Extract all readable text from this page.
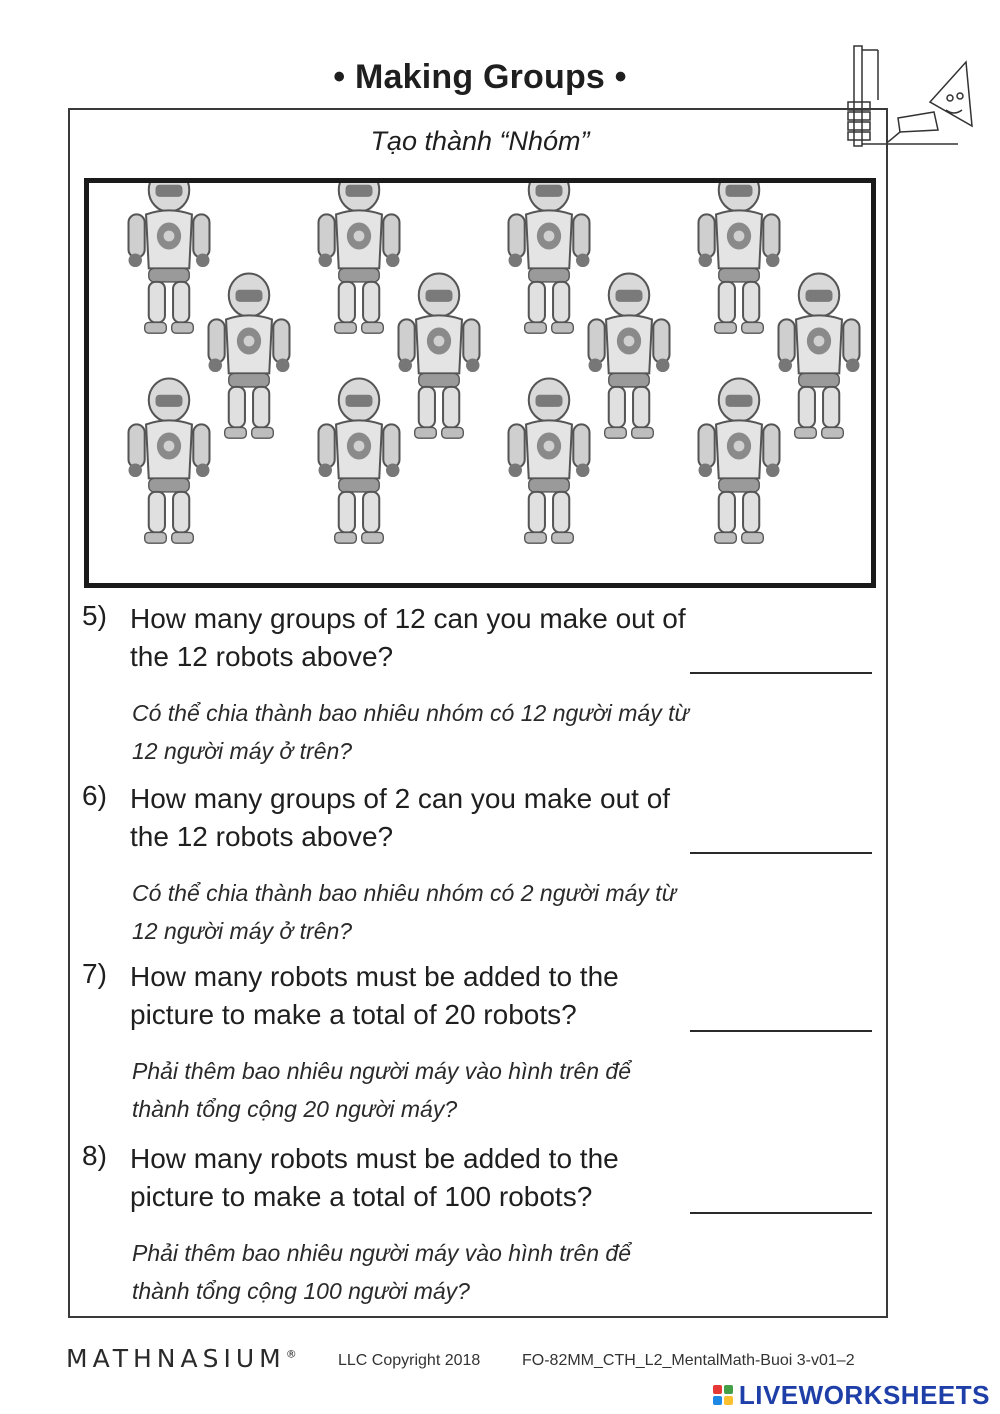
• Making Groups •
Tạo thành “Nhóm”
5) How many groups of 12 can you make out of the 12 robots above?
Có thể chia thành bao nhiêu nhóm có 12 người máy từ 12 người máy ở trên?
6) How many groups of 2 can you make out of the 12 robots above?
Có thể chia thành bao nhiêu nhóm có 2 người máy từ 12 người máy ở trên?
7) How many robots must be added to the picture to make a total of 20 robots?
Phải thêm bao nhiêu người máy vào hình trên để thành tổng cộng 20 người máy?
8) How many robots must be added to the picture to make a total of 100 robots?
Phải thêm bao nhiêu người máy vào hình trên để thành tổng cộng 100 người máy?
MATHNASIUM®	LLC Copyright 2018	FO-82MM_CTH_L2_MentalMath-Buoi 3-v01–2
LIVEWORKSHEETS
